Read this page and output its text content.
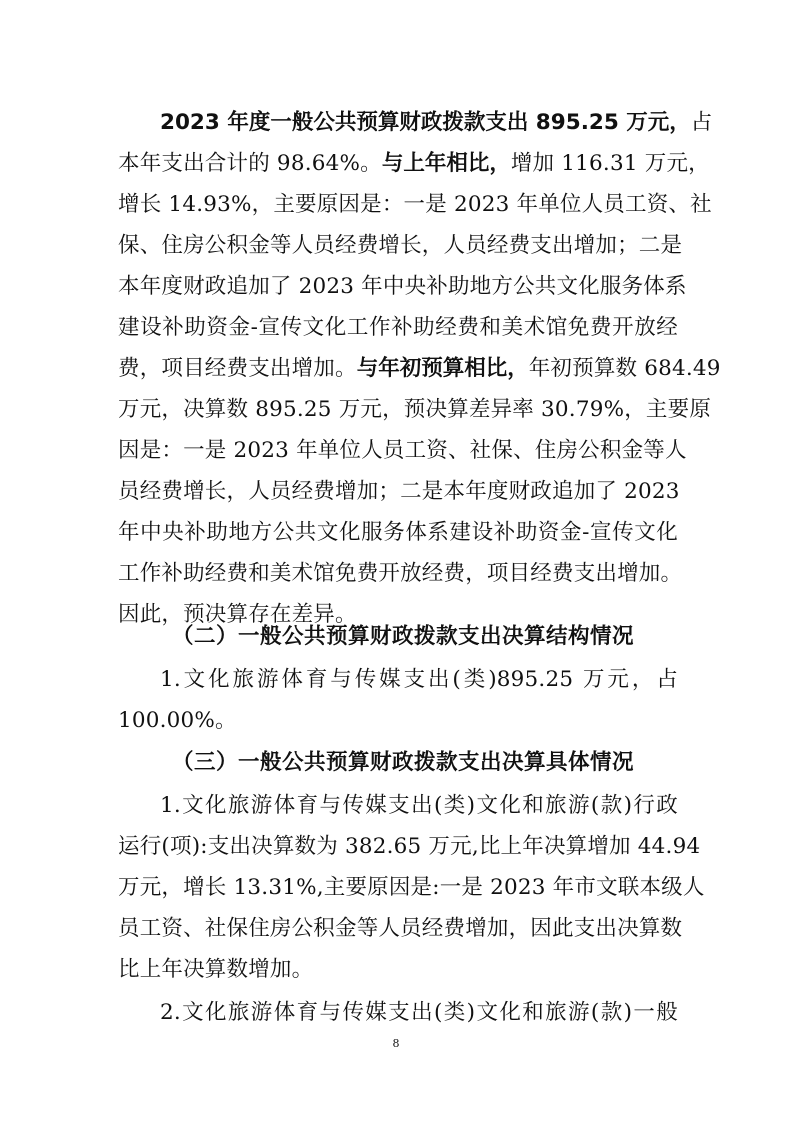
2023 年度一般公共预算财政拨款支出 895.25 万元，占
本年支出合计的 98.64%。与上年相比，增加 116.31 万元，
增长 14.93%，主要原因是：一是 2023 年单位人员工资、社
保、住房公积金等人员经费增长，人员经费支出增加；二是
本年度财政追加了 2023 年中央补助地方公共文化服务体系
建设补助资金-宣传文化工作补助经费和美术馆免费开放经
费，项目经费支出增加。与年初预算相比，年初预算数 684.49
万元，决算数 895.25 万元，预决算差异率 30.79%，主要原
因是：一是 2023 年单位人员工资、社保、住房公积金等人
员经费增长，人员经费增加；二是本年度财政追加了 2023
年中央补助地方公共文化服务体系建设补助资金-宣传文化
工作补助经费和美术馆免费开放经费，项目经费支出增加。
因此，预决算存在差异。
（二）一般公共预算财政拨款支出决算结构情况
1.文化旅游体育与传媒支出(类)895.25 万元，占
100.00%。
（三）一般公共预算财政拨款支出决算具体情况
1.文化旅游体育与传媒支出(类)文化和旅游(款)行政
运行(项):支出决算数为 382.65 万元,比上年决算增加 44.94
万元，增长 13.31%,主要原因是:一是 2023 年市文联本级人
员工资、社保住房公积金等人员经费增加，因此支出决算数
比上年决算数增加。
2.文化旅游体育与传媒支出(类)文化和旅游(款)一般
8
